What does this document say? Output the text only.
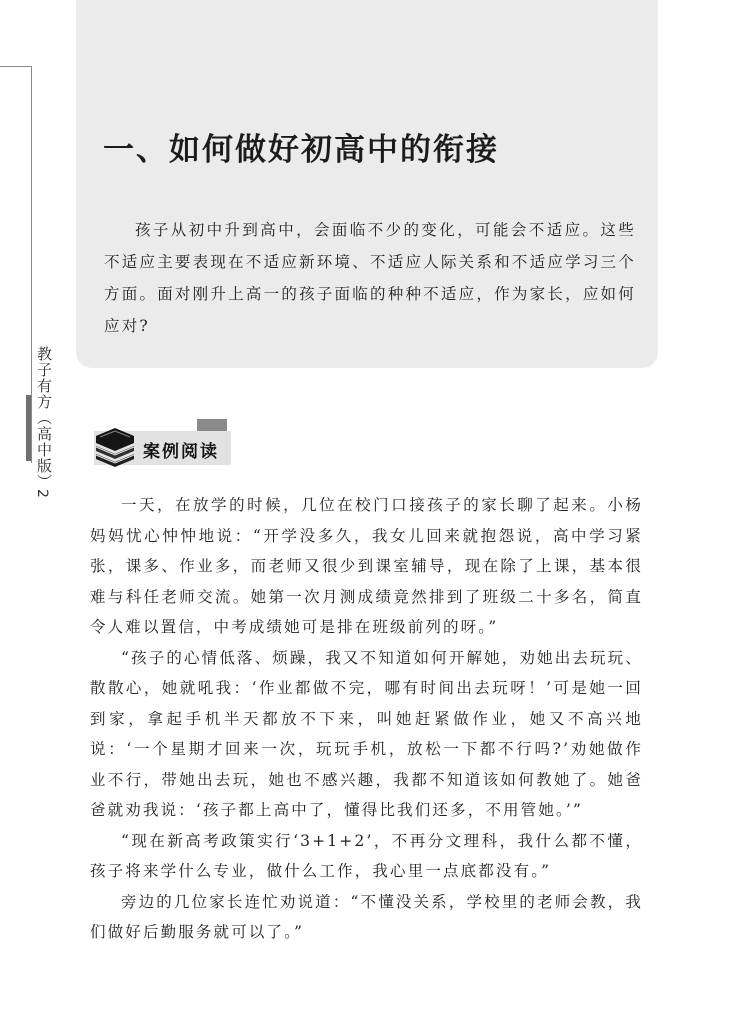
教子有方（高中版）
2
一、如何做好初高中的衔接

孩子从初中升到高中，会面临不少的变化，可能会不适应。这些不适应主要表现在不适应新环境、不适应人际关系和不适应学习三个方面。面对刚升上高一的孩子面临的种种不适应，作为家长，应如何应对?

案例阅读

一天，在放学的时候，几位在校门口接孩子的家长聊了起来。小杨妈妈忧心忡忡地说：“开学没多久，我女儿回来就抱怨说，高中学习紧张，课多、作业多，而老师又很少到课室辅导，现在除了上课，基本很难与科任老师交流。她第一次月测成绩竟然排到了班级二十多名，简直令人难以置信，中考成绩她可是排在班级前列的呀。”

“孩子的心情低落、烦躁，我又不知道如何开解她，劝她出去玩玩、散散心，她就吼我：‘作业都做不完，哪有时间出去玩呀！’可是她一回到家，拿起手机半天都放不下来，叫她赶紧做作业，她又不高兴地说：‘一个星期才回来一次，玩玩手机，放松一下都不行吗?’劝她做作业不行，带她出去玩，她也不感兴趣，我都不知道该如何教她了。她爸爸就劝我说：‘孩子都上高中了，懂得比我们还多，不用管她。’”

“现在新高考政策实行‘3+1+2’，不再分文理科，我什么都不懂，孩子将来学什么专业，做什么工作，我心里一点底都没有。”

旁边的几位家长连忙劝说道：“不懂没关系，学校里的老师会教，我们做好后勤服务就可以了。”
